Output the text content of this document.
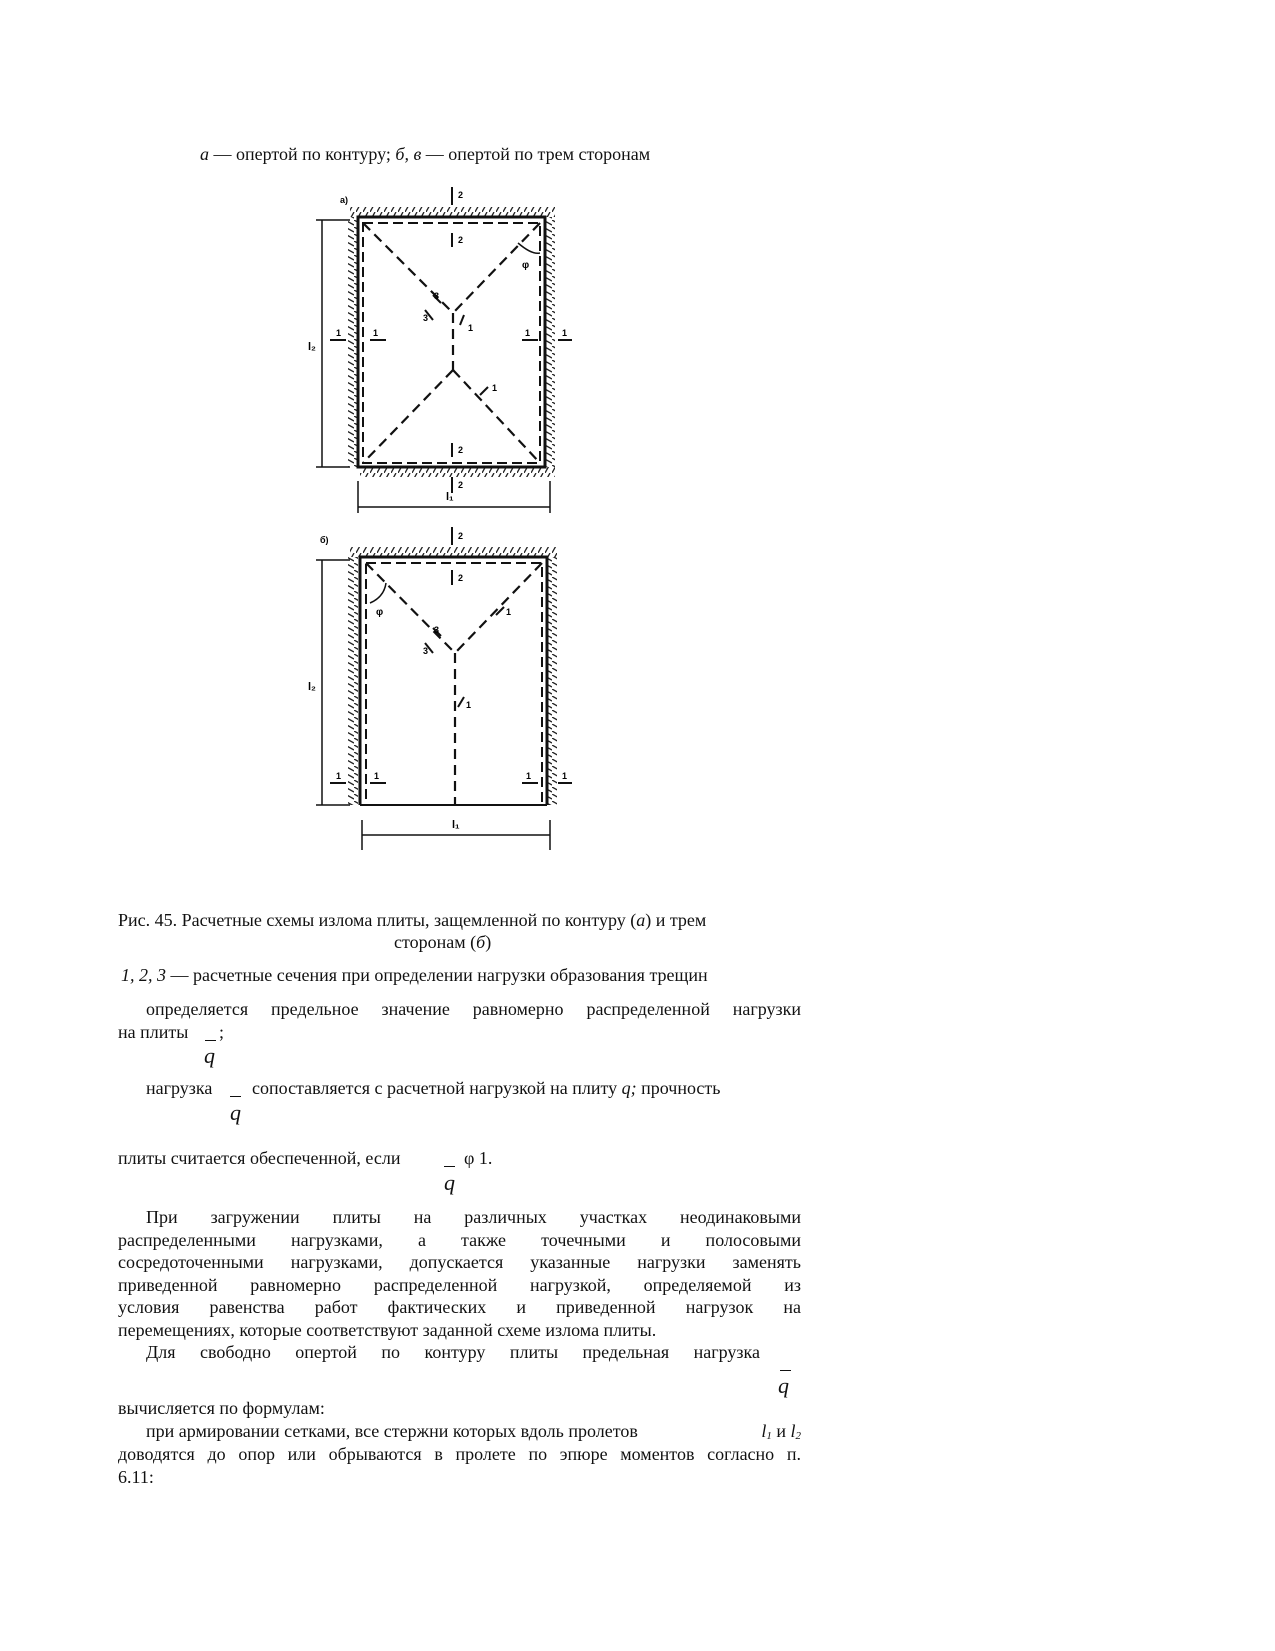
а — опертой по контуру; б, в — опертой по трем сторонам
а)
φ
2
2
2
2
1	1	1	1
1
1
3
3
l₂
l₁
б)
φ
2
2
1	1	1	1
1
1
3
3
l₂
l₁
Рис. 45. Расчетные схемы излома плиты, защемленной по контуру (а) и трем
сторонам (б)
1, 2, 3 — расчетные сечения при определении нагрузки образования трещин
определяется предельное значение равномерно распределенной нагрузки
на плиты ;
q
нагрузка
q
сопоставляется с расчетной нагрузкой на плиту q; прочность
плиты считается обеспеченной, если
q
φ 1.
При загружении плиты на различных участках неодинаковыми
распределенными нагрузками, а также точечными и полосовыми
сосредоточенными нагрузками, допускается указанные нагрузки заменять
приведенной равномерно распределенной нагрузкой, определяемой из
условия равенства работ фактических и приведенной нагрузок на
перемещениях, которые соответствуют заданной схеме излома плиты.
Для свободно опертой по контуру плиты предельная нагрузка
q
вычисляется по формулам:
при армировании сетками, все стержни которых вдоль пролетов	$l_1$ и $l_2$
доводятся до опор или обрываются в пролете по эпюре моментов согласно п.
6.11:
